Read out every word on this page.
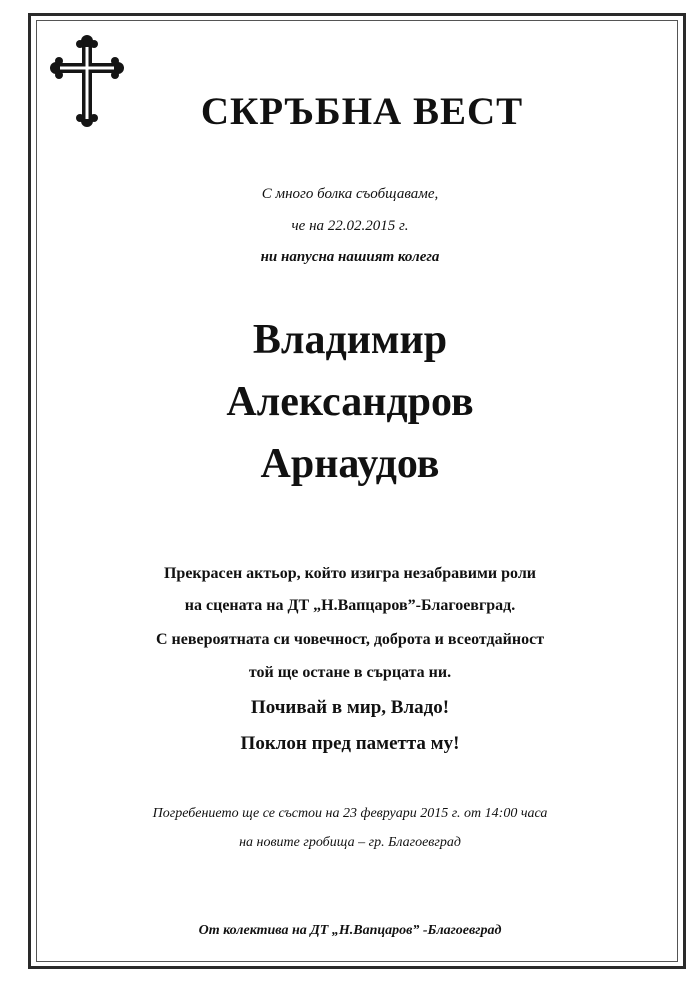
СКРЪБНА ВЕСТ
С много болка съобщаваме,
че на 22.02.2015 г.
ни напусна нашият колега
Владимир
Александров
Арнаудов
Прекрасен актьор, който изигра незабравими роли
на сцената на ДТ „Н.Вапцаров”-Благоевград.
С невероятната си човечност, доброта и всеотдайност
той ще остане в сърцата ни.
Почивай в мир, Владо!
Поклон пред паметта му!
Погребението ще се състои на 23 февруари 2015 г. от 14:00 часа
на новите гробища – гр. Благоевград
От колектива на ДТ „Н.Вапцаров” -Благоевград
